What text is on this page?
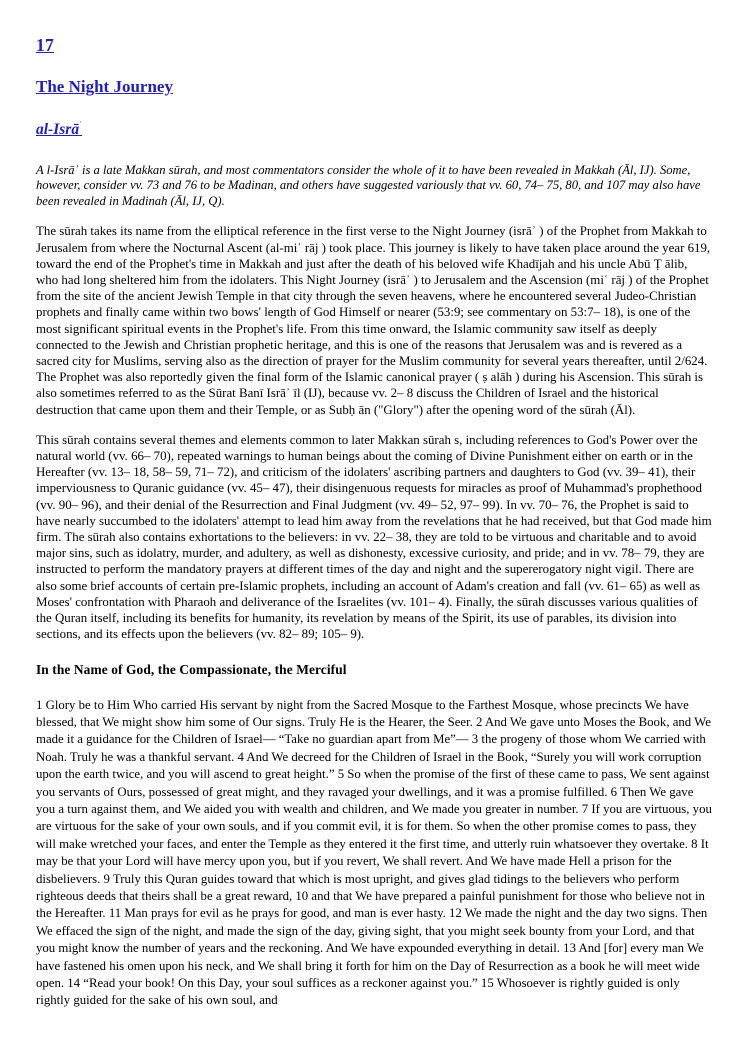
17
The Night Journey
al-Isrā$^ʾ$

A l-Isrāʾ is a late Makkan sūrah, and most commentators consider the whole of it to have been revealed in Makkah (Āl, IJ). Some, however, consider vv. 73 and 76 to be Madinan, and others have suggested variously that vv. 60, 74– 75, 80, and 107 may also have been revealed in Madinah (Āl, IJ, Q).

The sūrah takes its name from the elliptical reference in the first verse to the Night Journey (isrāʾ ) of the Prophet from Makkah to Jerusalem from where the Nocturnal Ascent (al-miʿ rāj ) took place. This journey is likely to have taken place around the year 619, toward the end of the Prophet's time in Makkah and just after the death of his beloved wife Khadījah and his uncle Abū Ṭ ālib, who had long sheltered him from the idolaters. This Night Journey (isrāʾ ) to Jerusalem and the Ascension (miʿ rāj ) of the Prophet from the site of the ancient Jewish Temple in that city through the seven heavens, where he encountered several Judeo-Christian prophets and finally came within two bows' length of God Himself or nearer (53:9; see commentary on 53:7– 18), is one of the most significant spiritual events in the Prophet's life. From this time onward, the Islamic community saw itself as deeply connected to the Jewish and Christian prophetic heritage, and this is one of the reasons that Jerusalem was and is revered as a sacred city for Muslims, serving also as the direction of prayer for the Muslim community for several years thereafter, until 2/624. The Prophet was also reportedly given the final form of the Islamic canonical prayer ( ṣ alāh ) during his Ascension. This sūrah is also sometimes referred to as the Sūrat Banī Isrāʾ īl (IJ), because vv. 2– 8 discuss the Children of Israel and the historical destruction that came upon them and their Temple, or as Subḥ ān ("Glory") after the opening word of the sūrah (Āl).

This sūrah contains several themes and elements common to later Makkan sūrah s, including references to God's Power over the natural world (vv. 66– 70), repeated warnings to human beings about the coming of Divine Punishment either on earth or in the Hereafter (vv. 13– 18, 58– 59, 71– 72), and criticism of the idolaters' ascribing partners and daughters to God (vv. 39– 41), their imperviousness to Quranic guidance (vv. 45– 47), their disingenuous requests for miracles as proof of Muhammad's prophethood (vv. 90– 96), and their denial of the Resurrection and Final Judgment (vv. 49– 52, 97– 99). In vv. 70– 76, the Prophet is said to have nearly succumbed to the idolaters' attempt to lead him away from the revelations that he had received, but that God made him firm. The sūrah also contains exhortations to the believers: in vv. 22– 38, they are told to be virtuous and charitable and to avoid major sins, such as idolatry, murder, and adultery, as well as dishonesty, excessive curiosity, and pride; and in vv. 78– 79, they are instructed to perform the mandatory prayers at different times of the day and night and the supererogatory night vigil. There are also some brief accounts of certain pre-Islamic prophets, including an account of Adam's creation and fall (vv. 61– 65) as well as Moses' confrontation with Pharaoh and deliverance of the Israelites (vv. 101– 4). Finally, the sūrah discusses various qualities of the Quran itself, including its benefits for humanity, its revelation by means of the Spirit, its use of parables, its division into sections, and its effects upon the believers (vv. 82– 89; 105– 9).

In the Name of God, the Compassionate, the Merciful

1 Glory be to Him Who carried His servant by night from the Sacred Mosque to the Farthest Mosque, whose precincts We have blessed, that We might show him some of Our signs. Truly He is the Hearer, the Seer. 2 And We gave unto Moses the Book, and We made it a guidance for the Children of Israel— “Take no guardian apart from Me”— 3 the progeny of those whom We carried with Noah. Truly he was a thankful servant. 4 And We decreed for the Children of Israel in the Book, “Surely you will work corruption upon the earth twice, and you will ascend to great height.” 5 So when the promise of the first of these came to pass, We sent against you servants of Ours, possessed of great might, and they ravaged your dwellings, and it was a promise fulfilled. 6 Then We gave you a turn against them, and We aided you with wealth and children, and We made you greater in number. 7 If you are virtuous, you are virtuous for the sake of your own souls, and if you commit evil, it is for them. So when the other promise comes to pass, they will make wretched your faces, and enter the Temple as they entered it the first time, and utterly ruin whatsoever they overtake. 8 It may be that your Lord will have mercy upon you, but if you revert, We shall revert. And We have made Hell a prison for the disbelievers. 9 Truly this Quran guides toward that which is most upright, and gives glad tidings to the believers who perform righteous deeds that theirs shall be a great reward, 10 and that We have prepared a painful punishment for those who believe not in the Hereafter. 11 Man prays for evil as he prays for good, and man is ever hasty. 12 We made the night and the day two signs. Then We effaced the sign of the night, and made the sign of the day, giving sight, that you might seek bounty from your Lord, and that you might know the number of years and the reckoning. And We have expounded everything in detail. 13 And [for] every man We have fastened his omen upon his neck, and We shall bring it forth for him on the Day of Resurrection as a book he will meet wide open. 14 “Read your book! On this Day, your soul suffices as a reckoner against you.” 15 Whosoever is rightly guided is only rightly guided for the sake of his own soul, and
